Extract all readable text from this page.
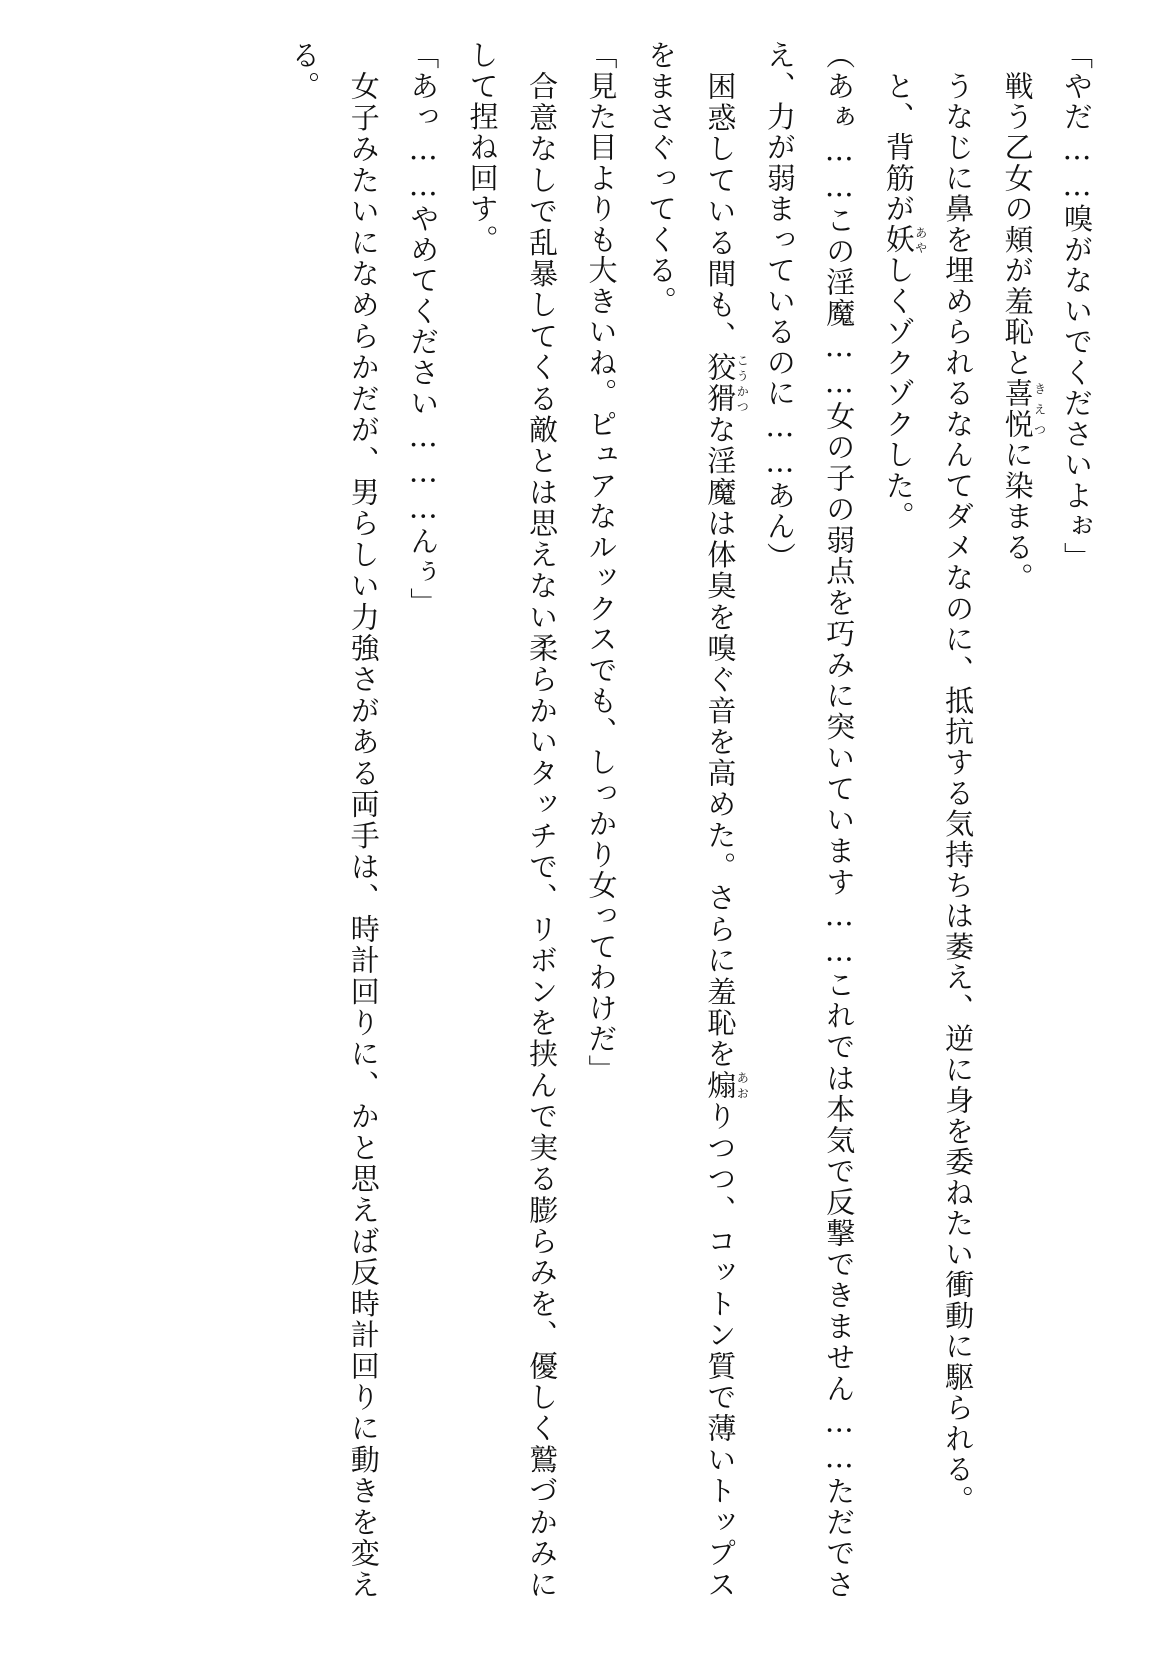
「やだ……嗅がないでくださいよぉ」

　戦う乙女の頬が羞恥と喜悦きえつに染まる。

　うなじに鼻を埋められるなんてダメなのに、抵抗する気持ちは萎え、逆に身を委ねたい衝動に駆られる。

　と、背筋が妖あやしくゾクゾクした。

（あぁ……この淫魔……女の子の弱点を巧みに突いています……これでは本気で反撃できません……ただでさえ、力が弱まっているのに……あん）

　困惑している間も、狡猾こうかつな淫魔は体臭を嗅ぐ音を高めた。さらに羞恥を煽あおりつつ、コットン質で薄いトップスをまさぐってくる。

「見た目よりも大きいね。ピュアなルックスでも、しっかり女ってわけだ」

　合意なしで乱暴してくる敵とは思えない柔らかいタッチで、リボンを挟んで実る膨らみを、優しく鷲づかみにして捏ね回す。

「あっ……やめてください………んぅ」

　女子みたいになめらかだが、男らしい力強さがある両手は、時計回りに、かと思えば反時計回りに動きを変える。
